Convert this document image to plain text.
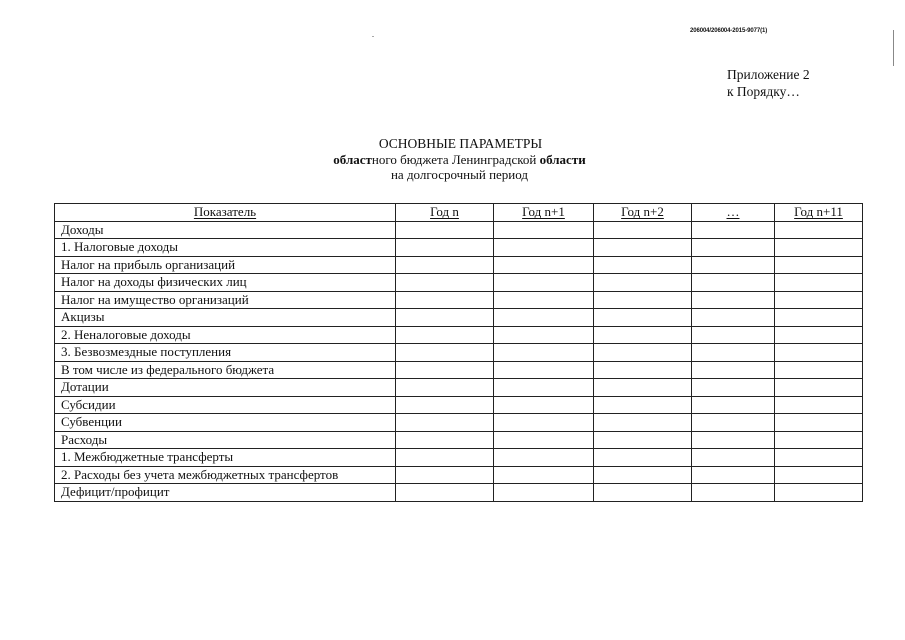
206004/206004-2015-9077(1)
.
Приложение 2
к Порядку…
ОСНОВНЫЕ ПАРАМЕТРЫ
областного бюджета Ленинградской области
на долгосрочный период
Показатель	Год n	Год n+1	Год n+2	…	Год n+11
Доходы					
1. Налоговые доходы					
Налог на прибыль организаций					
Налог на доходы физических лиц					
Налог на имущество организаций					
Акцизы					
2. Неналоговые доходы					
3. Безвозмездные поступления					
В том числе из федерального бюджета					
Дотации					
Субсидии					
Субвенции					
Расходы					
1. Межбюджетные трансферты					
2. Расходы без учета межбюджетных трансфертов					
Дефицит/профицит					
